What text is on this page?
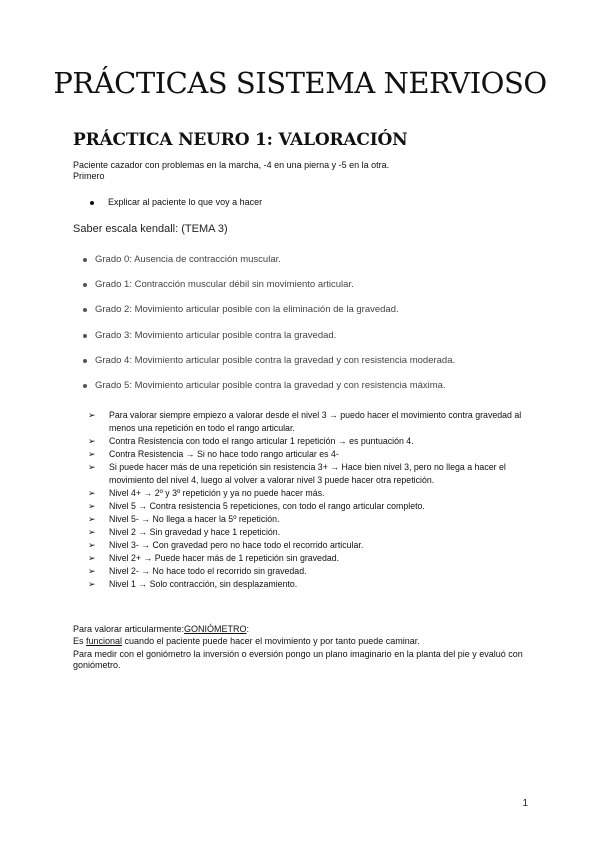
PRÁCTICAS SISTEMA NERVIOSO
PRÁCTICA NEURO 1: VALORACIÓN
Paciente cazador con problemas en la marcha, -4 en una pierna y -5 en la otra.
Primero
Explicar al paciente lo que voy a hacer
Saber escala kendall: (TEMA 3)
Grado 0: Ausencia de contracción muscular.
Grado 1: Contracción muscular débil sin movimiento articular.
Grado 2: Movimiento articular posible con la eliminación de la gravedad.
Grado 3: Movimiento articular posible contra la gravedad.
Grado 4: Movimiento articular posible contra la gravedad y con resistencia moderada.
Grado 5: Movimiento articular posible contra la gravedad y con resistencia máxima.
➢ Para valorar siempre empiezo a valorar desde el nivel 3 → puedo hacer el movimiento contra gravedad al menos una repetición en todo el rango articular.
➢ Contra Resistencia con todo el rango articular 1 repetición → es puntuación 4.
➢ Contra Resistencia → Si no hace todo rango articular es 4-
➢ Si puede hacer más de una repetición sin resistencia 3+ → Hace bien nivel 3, pero no llega a hacer el movimiento del nivel 4, luego al volver a valorar nivel 3 puede hacer otra repetición.
➢ Nivel 4+ → 2º y 3º repetición y ya no puede hacer más.
➢ Nivel 5 → Contra resistencia 5 repeticiones, con todo el rango articular completo.
➢ Nivel 5- → No llega a hacer la 5º repetición.
➢ Nivel 2 → Sin gravedad y hace 1 repetición.
➢ Nivel 3- → Con gravedad pero no hace todo el recorrido articular.
➢ Nivel 2+ → Puede hacer más de 1 repetición sin gravedad.
➢ Nivel 2- → No hace todo el recorrido sin gravedad.
➢ Nivel 1 → Solo contracción, sin desplazamiento.
Para valorar articularmente:GONIÓMETRO:
Es funcional cuando el paciente puede hacer el movimiento y por tanto puede caminar.
Para medir con el goniómetro la inversión o eversión pongo un plano imaginario en la planta del pie y evaluó con goniómetro.
1
